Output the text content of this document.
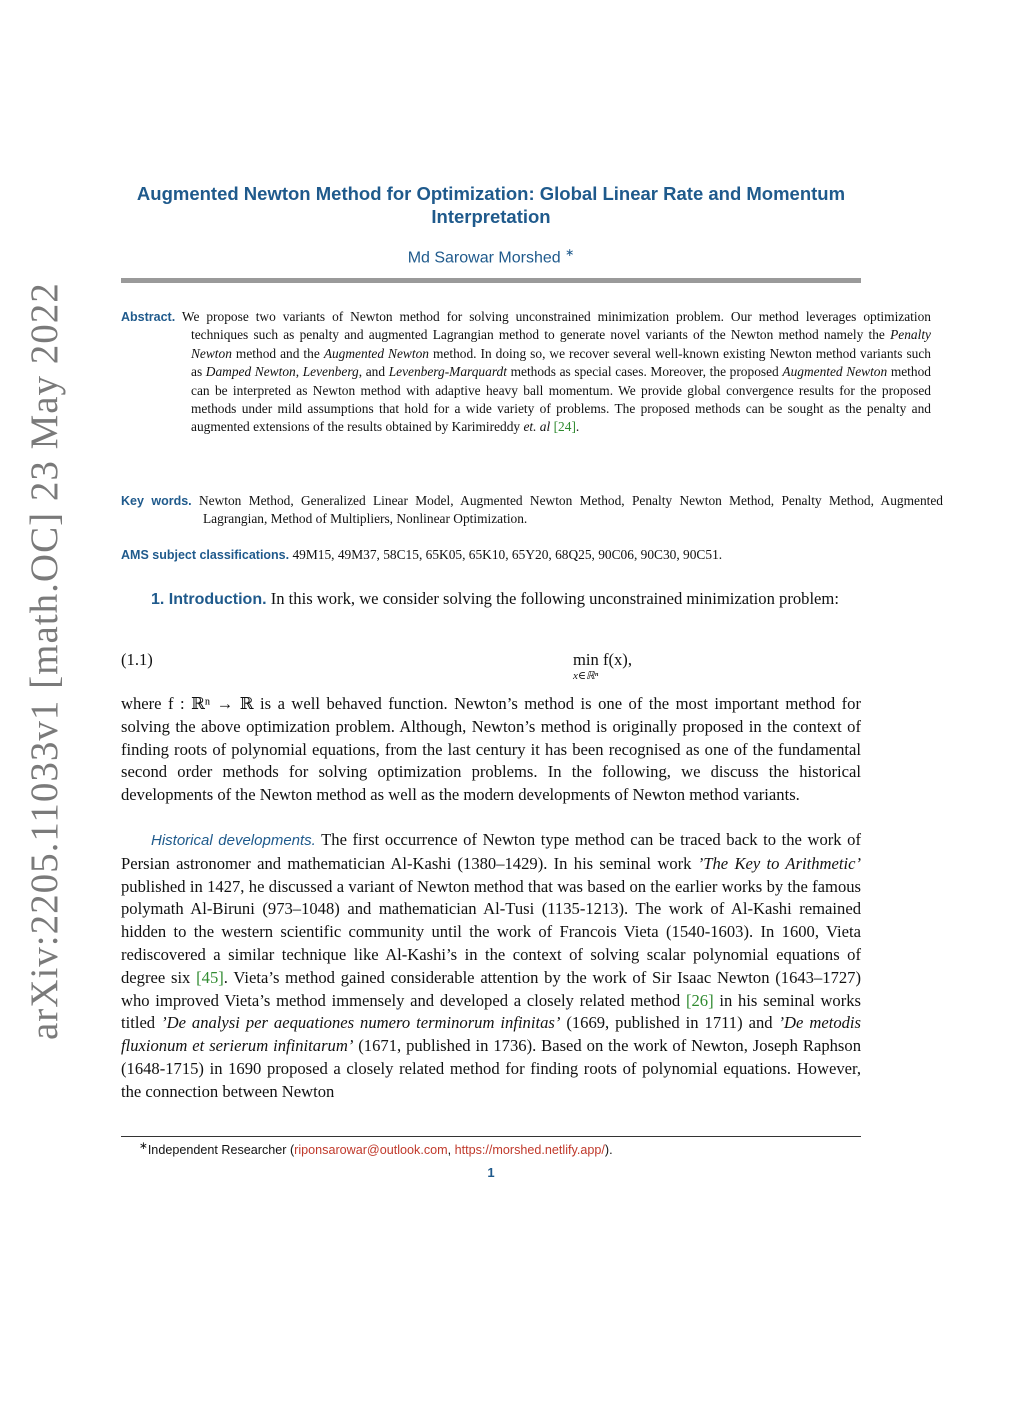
arXiv:2205.11033v1 [math.OC] 23 May 2022
Augmented Newton Method for Optimization: Global Linear Rate and Momentum Interpretation
Md Sarowar Morshed ∗
Abstract. We propose two variants of Newton method for solving unconstrained minimization problem. Our method leverages optimization techniques such as penalty and augmented Lagrangian method to generate novel variants of the Newton method namely the Penalty Newton method and the Augmented Newton method. In doing so, we recover several well-known existing Newton method variants such as Damped Newton, Levenberg, and Levenberg-Marquardt methods as special cases. Moreover, the proposed Augmented Newton method can be interpreted as Newton method with adaptive heavy ball momentum. We provide global convergence results for the proposed methods under mild assumptions that hold for a wide variety of problems. The proposed methods can be sought as the penalty and augmented extensions of the results obtained by Karimireddy et. al [24].
Key words. Newton Method, Generalized Linear Model, Augmented Newton Method, Penalty Newton Method, Penalty Method, Augmented Lagrangian, Method of Multipliers, Nonlinear Optimization.
AMS subject classifications. 49M15, 49M37, 58C15, 65K05, 65K10, 65Y20, 68Q25, 90C06, 90C30, 90C51.
1. Introduction. In this work, we consider solving the following unconstrained minimization problem:
(1.1)	min f(x),
x∈ℝⁿ
where f : ℝⁿ → ℝ is a well behaved function. Newton’s method is one of the most important method for solving the above optimization problem. Although, Newton’s method is originally proposed in the context of finding roots of polynomial equations, from the last century it has been recognised as one of the fundamental second order methods for solving optimization problems. In the following, we discuss the historical developments of the Newton method as well as the modern developments of Newton method variants.
Historical developments. The first occurrence of Newton type method can be traced back to the work of Persian astronomer and mathematician Al-Kashi (1380–1429). In his seminal work ’The Key to Arithmetic’ published in 1427, he discussed a variant of Newton method that was based on the earlier works by the famous polymath Al-Biruni (973–1048) and mathematician Al-Tusi (1135-1213). The work of Al-Kashi remained hidden to the western scientific community until the work of Francois Vieta (1540-1603). In 1600, Vieta rediscovered a similar technique like Al-Kashi’s in the context of solving scalar polynomial equations of degree six [45]. Vieta’s method gained considerable attention by the work of Sir Isaac Newton (1643–1727) who improved Vieta’s method immensely and developed a closely related method [26] in his seminal works titled ’De analysi per aequationes numero terminorum infinitas’ (1669, published in 1711) and ’De metodis fluxionum et serierum infinitarum’ (1671, published in 1736). Based on the work of Newton, Joseph Raphson (1648-1715) in 1690 proposed a closely related method for finding roots of polynomial equations. However, the connection between Newton
∗Independent Researcher (riponsarowar@outlook.com, https://morshed.netlify.app/).
1
